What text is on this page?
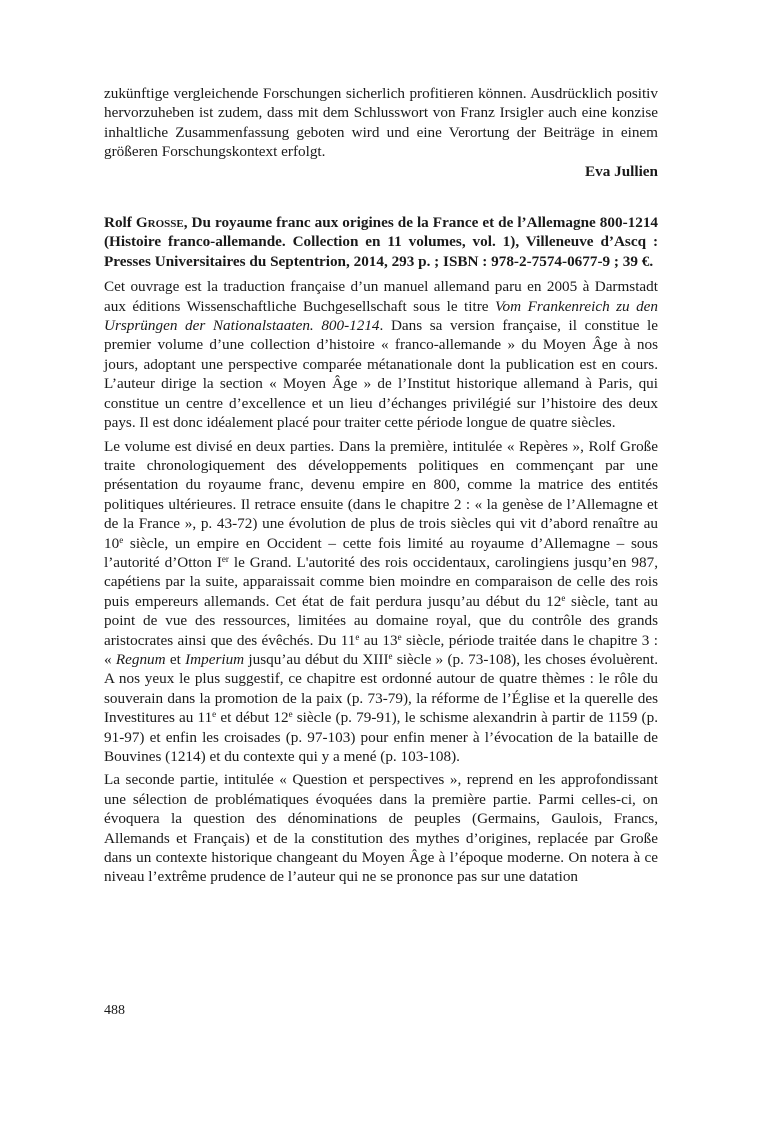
zukünftige vergleichende Forschungen sicherlich profitieren können. Ausdrücklich positiv hervorzuheben ist zudem, dass mit dem Schlusswort von Franz Irsigler auch eine konzise inhaltliche Zusammenfassung geboten wird und eine Verortung der Beiträge in einem größeren Forschungskontext erfolgt.

Eva Jullien

Rolf Grosse, Du royaume franc aux origines de la France et de l’Allemagne 800-1214 (Histoire franco-allemande. Collection en 11 volumes, vol. 1), Villeneuve d’Ascq : Presses Universitaires du Septentrion, 2014, 293 p. ; ISBN : 978-2-7574-0677-9 ; 39 €.

Cet ouvrage est la traduction française d’un manuel allemand paru en 2005 à Darmstadt aux éditions Wissenschaftliche Buchgesellschaft sous le titre Vom Frankenreich zu den Ursprüngen der Nationalstaaten. 800-1214. Dans sa version française, il constitue le premier volume d’une collection d’histoire « franco-allemande » du Moyen Âge à nos jours, adoptant une perspective comparée métanationale dont la publication est en cours. L’auteur dirige la section « Moyen Âge » de l’Institut historique allemand à Paris, qui constitue un centre d’excellence et un lieu d’échanges privilégié sur l’histoire des deux pays. Il est donc idéalement placé pour traiter cette période longue de quatre siècles.

Le volume est divisé en deux parties. Dans la première, intitulée « Repères », Rolf Große traite chronologiquement des développements politiques en commençant par une présentation du royaume franc, devenu empire en 800, comme la matrice des entités politiques ultérieures. Il retrace ensuite (dans le chapitre 2 : « la genèse de l’Allemagne et de la France », p. 43-72) une évolution de plus de trois siècles qui vit d’abord renaître au 10e siècle, un empire en Occident – cette fois limité au royaume d’Allemagne – sous l’autorité d’Otton Ier le Grand. L'autorité des rois occidentaux, carolingiens jusqu’en 987, capétiens par la suite, apparaissait comme bien moindre en comparaison de celle des rois puis empereurs allemands. Cet état de fait perdura jusqu’au début du 12e siècle, tant au point de vue des ressources, limitées au domaine royal, que du contrôle des grands aristocrates ainsi que des évêchés. Du 11e au 13e siècle, période traitée dans le chapitre 3 : « Regnum et Imperium jusqu’au début du XIIIe siècle » (p. 73-108), les choses évoluèrent. A nos yeux le plus suggestif, ce chapitre est ordonné autour de quatre thèmes : le rôle du souverain dans la promotion de la paix (p. 73-79), la réforme de l’Église et la querelle des Investitures au 11e et début 12e siècle (p. 79-91), le schisme alexandrin à partir de 1159 (p. 91-97) et enfin les croisades (p. 97-103) pour enfin mener à l’évocation de la bataille de Bouvines (1214) et du contexte qui y a mené (p. 103-108).

La seconde partie, intitulée « Question et perspectives », reprend en les approfondissant une sélection de problématiques évoquées dans la première partie. Parmi celles-ci, on évoquera la question des dénominations de peuples (Germains, Gaulois, Francs, Allemands et Français) et de la constitution des mythes d’origines, replacée par Große dans un contexte historique changeant du Moyen Âge à l’époque moderne. On notera à ce niveau l’extrême prudence de l’auteur qui ne se prononce pas sur une datation

488
